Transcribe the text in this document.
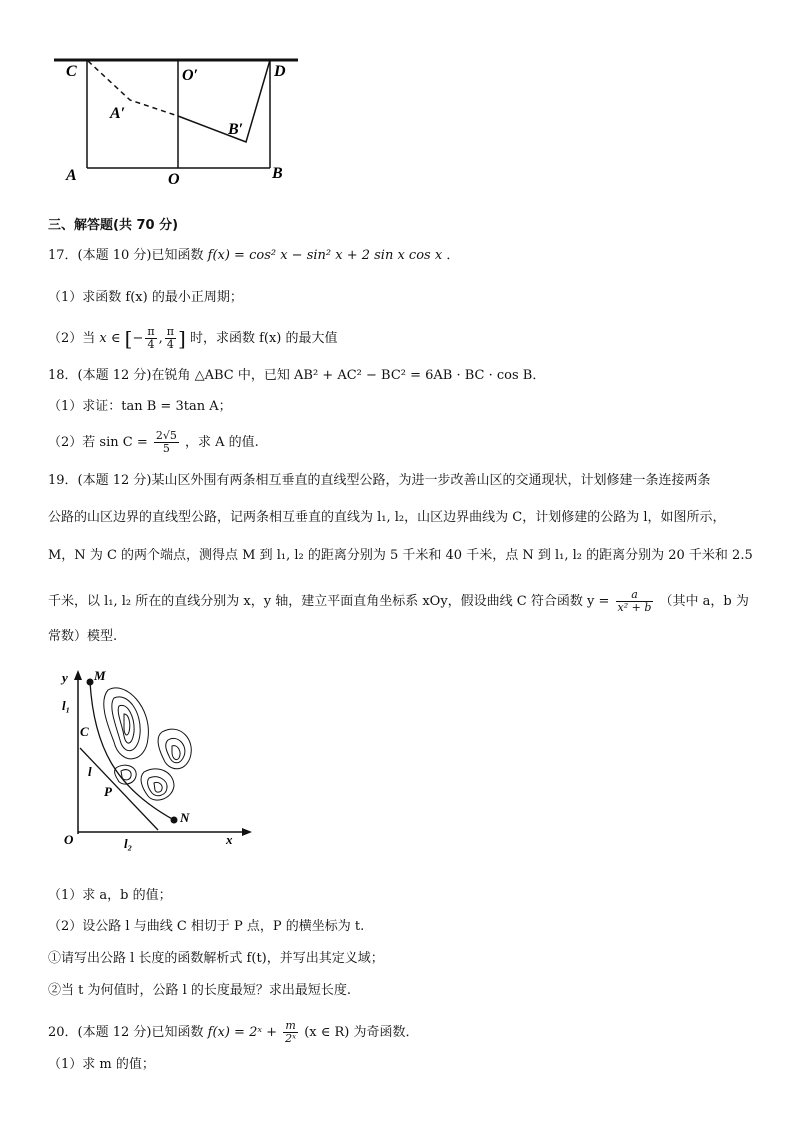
C	O′	D
A′
B′
A	O	B
三、解答题(共 70 分)
17．(本题 10 分)已知函数 f(x) = cos² x − sin² x + 2 sin x cos x ．
（1）求函数 f(x) 的最小正周期；
（2）当 x ∈ [− $\frac{\pi}{4}$ , $\frac{\pi}{4}$ ] 时，求函数 f(x) 的最大值
18．(本题 12 分)在锐角 △ABC 中，已知 AB² + AC² − BC² = 6AB · BC · cos B．
（1）求证：tan B = 3tan A；
（2）若 $\sin C = \frac{2√5}{5}$ ，求 A 的值.
19．(本题 12 分)某山区外围有两条相互垂直的直线型公路，为进一步改善山区的交通现状，计划修建一条连接两条
公路的山区边界的直线型公路，记两条相互垂直的直线为 l₁, l₂，山区边界曲线为 C，计划修建的公路为 l，如图所示，
M，N 为 C 的两个端点，测得点 M 到 l₁, l₂ 的距离分别为 5 千米和 40 千米，点 N 到 l₁, l₂ 的距离分别为 20 千米和 2.5
千米，以 l₁, l₂ 所在的直线分别为 x，y 轴，建立平面直角坐标系 xOy，假设曲线 C 符合函数 $y = \frac{a}{\text{x² + b}}$ （其中 a，b 为
常数）模型.
y M
l₁
C
l
P
N
O	l₂	x
（1）求 a，b 的值；
（2）设公路 l 与曲线 C 相切于 P 点，P 的横坐标为 t.
①请写出公路 l 长度的函数解析式 f(t)，并写出其定义域；
②当 t 为何值时，公路 l 的长度最短？求出最短长度.
20．(本题 12 分)已知函数 f(x) = 2ˣ + $\frac{m}{\text{2ˣ}} (x$ ∈ R) 为奇函数．
（1）求 m 的值；
